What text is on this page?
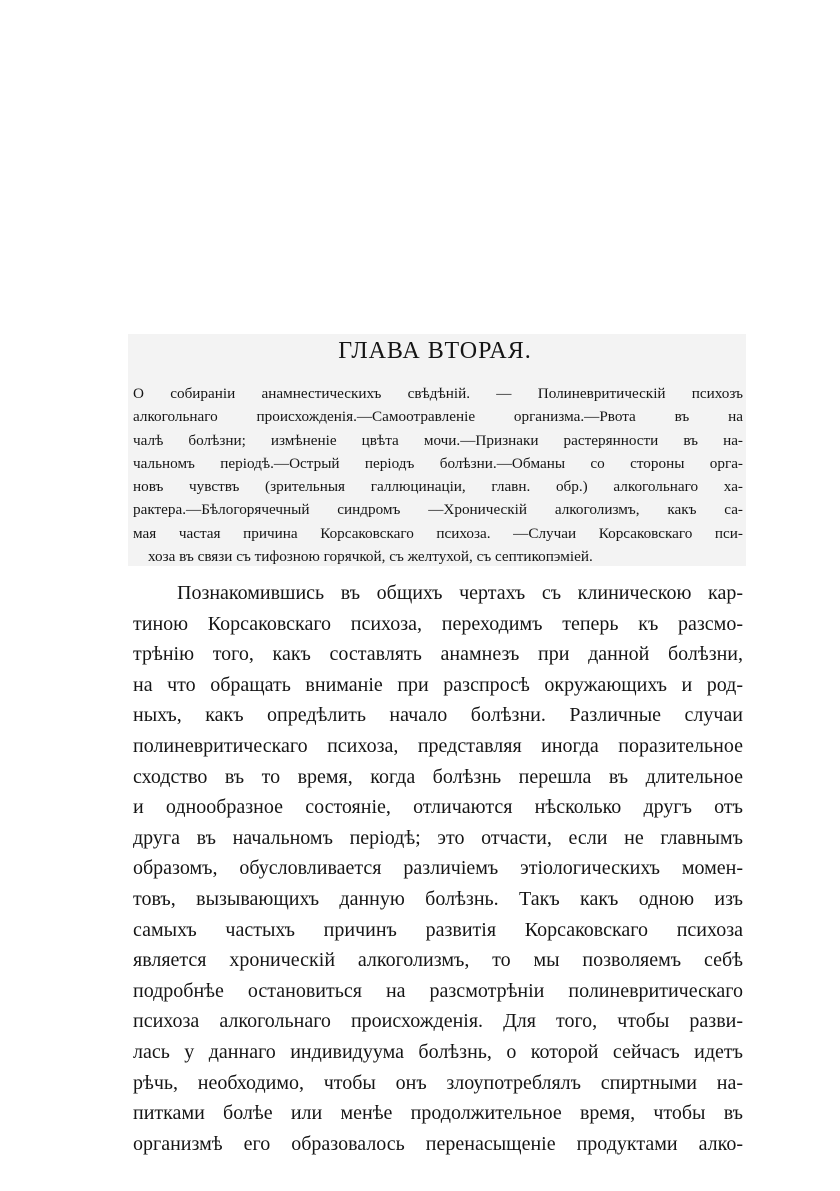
ГЛАВА ВТОРАЯ.
О собиранiи анамнестическихъ свѣдѣнiй. — Полиневритическiй психозъ
алкогольнаго происхожденiя.—Самоотравленiе организма.—Рвота въ на
чалѣ болѣзни; измѣненiе цвѣта мочи.—Признаки растерянности въ на-
чальномъ перiодѣ.—Острый перiодъ болѣзни.—Обманы со стороны орга-
новъ чувствъ (зрительныя галлюцинацiи, главн. обр.) алкогольнаго ха-
рактера.—Бѣлогорячечный синдромъ —Хроническiй алкоголизмъ, какъ са-
мая частая причина Корсаковскаго психоза. —Случаи Корсаковскаго пси-
хоза въ связи съ тифозною горячкой, съ желтухой, съ септикопэмiей.
Познакомившись въ общихъ чертахъ съ клиническою кар-
тиною Корсаковскаго психоза, переходимъ теперь къ разсмо-
трѣнiю того, какъ составлять анамнезъ при данной болѣзни,
на что обращать вниманiе при разспросѣ окружающихъ и род-
ныхъ, какъ опредѣлить начало болѣзни. Различные случаи
полиневритическаго психоза, представляя иногда поразительное
сходство въ то время, когда болѣзнь перешла въ длительное
и однообразное состоянiе, отличаются нѣсколько другъ отъ
друга въ начальномъ перiодѣ; это отчасти, если не главнымъ
образомъ, обусловливается различiемъ этiологическихъ момен-
товъ, вызывающихъ данную болѣзнь. Такъ какъ одною изъ
самыхъ частыхъ причинъ развитiя Корсаковскаго психоза
является хроническiй алкоголизмъ, то мы позволяемъ себѣ
подробнѣе остановиться на разсмотрѣнiи полиневритическаго
психоза алкогольнаго происхожденiя. Для того, чтобы разви-
лась у даннаго индивидуума болѣзнь, о которой сейчасъ идетъ
рѣчь, необходимо, чтобы онъ злоупотреблялъ спиртными на-
питками болѣе или менѣе продолжительное время, чтобы въ
организмѣ его образовалось перенасыщенiе продуктами алко-
